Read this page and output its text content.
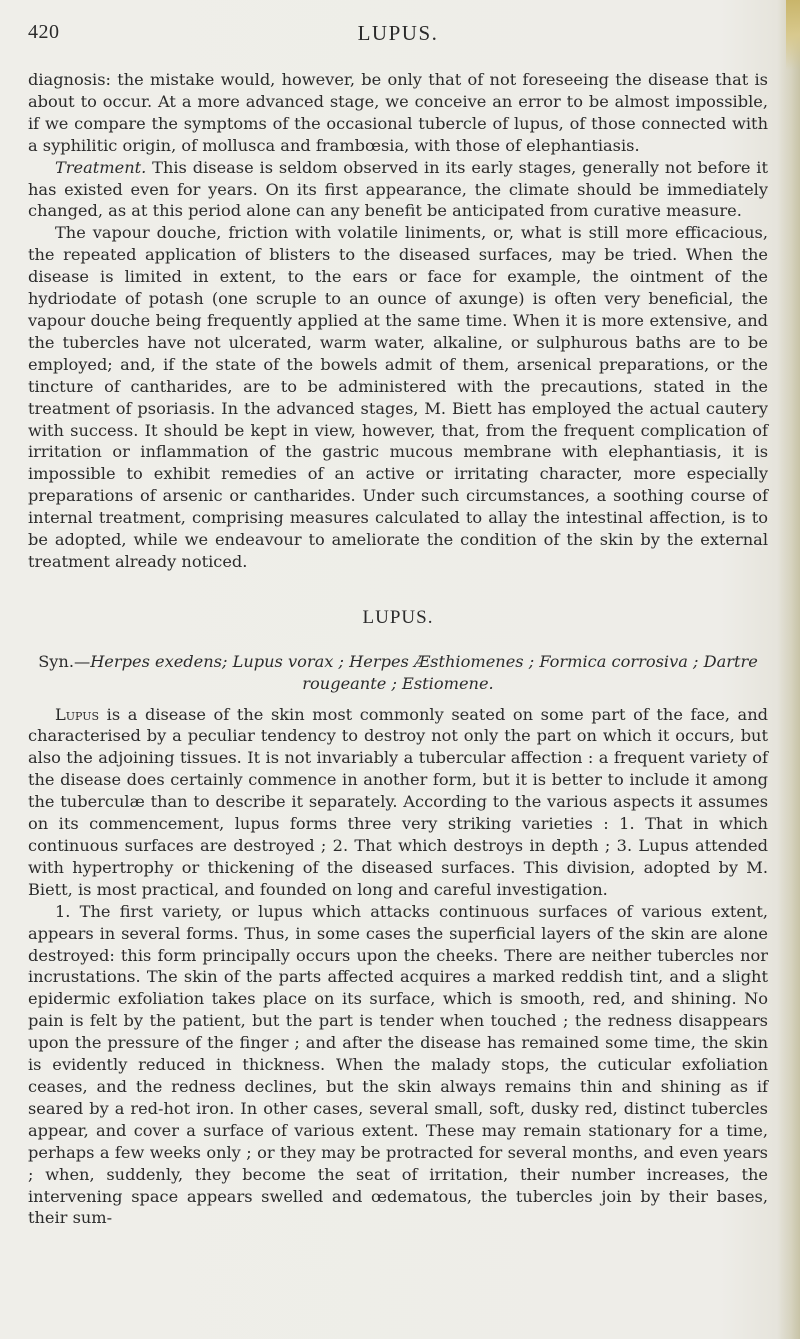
420	LUPUS.

diagnosis: the mistake would, however, be only that of not foreseeing the disease that is about to occur. At a more advanced stage, we conceive an error to be almost impossible, if we compare the symptoms of the occasional tubercle of lupus, of those connected with a syphilitic origin, of mollusca and frambœsia, with those of elephantiasis.

Treatment. This disease is seldom observed in its early stages, generally not before it has existed even for years. On its first appearance, the climate should be immediately changed, as at this period alone can any benefit be anticipated from curative measure.

The vapour douche, friction with volatile liniments, or, what is still more efficacious, the repeated application of blisters to the diseased surfaces, may be tried. When the disease is limited in extent, to the ears or face for example, the ointment of the hydriodate of potash (one scruple to an ounce of axunge) is often very beneficial, the vapour douche being frequently applied at the same time. When it is more extensive, and the tubercles have not ulcerated, warm water, alkaline, or sulphurous baths are to be employed; and, if the state of the bowels admit of them, arsenical preparations, or the tincture of cantharides, are to be administered with the precautions, stated in the treatment of psoriasis. In the advanced stages, M. Biett has employed the actual cautery with success. It should be kept in view, however, that, from the frequent complication of irritation or inflammation of the gastric mucous membrane with elephantiasis, it is impossible to exhibit remedies of an active or irritating character, more especially preparations of arsenic or cantharides. Under such circumstances, a soothing course of internal treatment, comprising measures calculated to allay the intestinal affection, is to be adopted, while we endeavour to ameliorate the condition of the skin by the external treatment already noticed.

LUPUS.

Syn.—Herpes exedens; Lupus vorax ; Herpes Æsthiomenes ; Formica corrosiva ; Dartre rougeante ; Estiomene.

Lupus is a disease of the skin most commonly seated on some part of the face, and characterised by a peculiar tendency to destroy not only the part on which it occurs, but also the adjoining tissues. It is not invariably a tubercular affection : a frequent variety of the disease does certainly commence in another form, but it is better to include it among the tuberculæ than to describe it separately. According to the various aspects it assumes on its commencement, lupus forms three very striking varieties : 1. That in which continuous surfaces are destroyed ; 2. That which destroys in depth ; 3. Lupus attended with hypertrophy or thickening of the diseased surfaces. This division, adopted by M. Biett, is most practical, and founded on long and careful investigation.

1. The first variety, or lupus which attacks continuous surfaces of various extent, appears in several forms. Thus, in some cases the superficial layers of the skin are alone destroyed: this form principally occurs upon the cheeks. There are neither tubercles nor incrustations. The skin of the parts affected acquires a marked reddish tint, and a slight epidermic exfoliation takes place on its surface, which is smooth, red, and shining. No pain is felt by the patient, but the part is tender when touched ; the redness disappears upon the pressure of the finger ; and after the disease has remained some time, the skin is evidently reduced in thickness. When the malady stops, the cuticular exfoliation ceases, and the redness declines, but the skin always remains thin and shining as if seared by a red-hot iron. In other cases, several small, soft, dusky red, distinct tubercles appear, and cover a surface of various extent. These may remain stationary for a time, perhaps a few weeks only ; or they may be protracted for several months, and even years ; when, suddenly, they become the seat of irritation, their number increases, the intervening space appears swelled and œdematous, the tubercles join by their bases, their sum-
